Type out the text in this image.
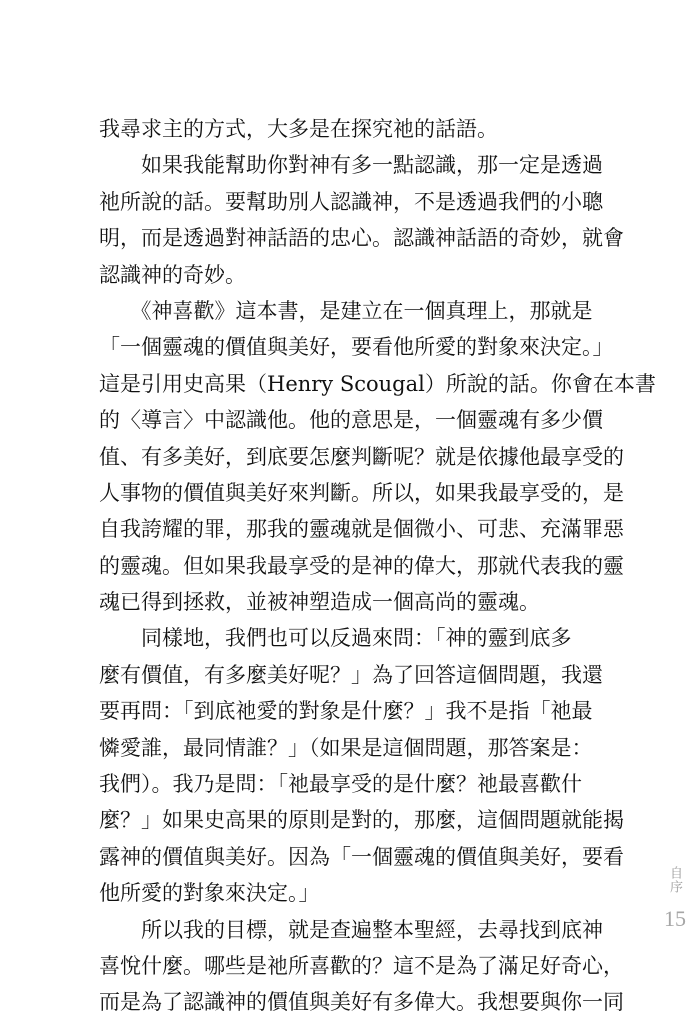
我尋求主的方式，大多是在探究祂的話語。
　　如果我能幫助你對神有多一點認識，那一定是透過
祂所說的話。要幫助別人認識神，不是透過我們的小聰
明，而是透過對神話語的忠心。認識神話語的奇妙，就會
認識神的奇妙。
　　《神喜歡》這本書，是建立在一個真理上，那就是
「一個靈魂的價值與美好，要看他所愛的對象來決定。」
這是引用史高果（Henry Scougal）所說的話。你會在本書
的〈導言〉中認識他。他的意思是，一個靈魂有多少價
值、有多美好，到底要怎麼判斷呢？就是依據他最享受的
人事物的價值與美好來判斷。所以，如果我最享受的，是
自我誇耀的罪，那我的靈魂就是個微小、可悲、充滿罪惡
的靈魂。但如果我最享受的是神的偉大，那就代表我的靈
魂已得到拯救，並被神塑造成一個高尚的靈魂。
　　同樣地，我們也可以反過來問：「神的靈到底多
麼有價值，有多麼美好呢？」為了回答這個問題，我還
要再問：「到底祂愛的對象是什麼？」我不是指「祂最
憐愛誰，最同情誰？」（如果是這個問題，那答案是：
我們）。我乃是問：「祂最享受的是什麼？祂最喜歡什
麼？」如果史高果的原則是對的，那麼，這個問題就能揭
露神的價值與美好。因為「一個靈魂的價值與美好，要看
他所愛的對象來決定。」
　　所以我的目標，就是查遍整本聖經，去尋找到底神
喜悅什麼。哪些是祂所喜歡的？這不是為了滿足好奇心，
而是為了認識神的價值與美好有多偉大。我想要與你一同
自序
15
